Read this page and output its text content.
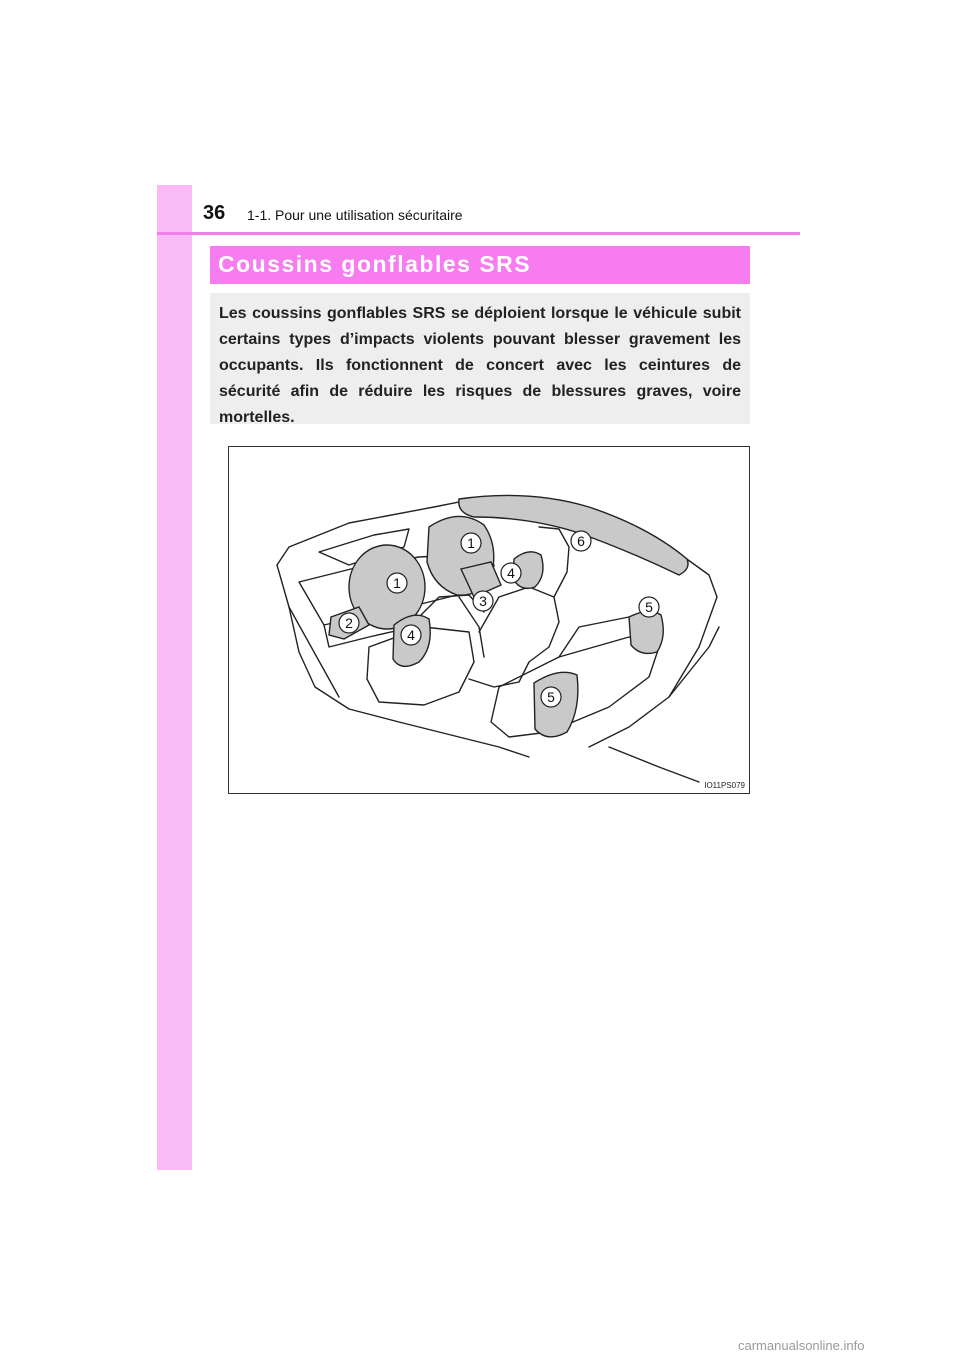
36 1-1. Pour une utilisation sécuritaire
Coussins gonflables SRS

Les coussins gonflables SRS se déploient lorsque le véhicule subit certains types d’impacts violents pouvant blesser gravement les occupants. Ils fonctionnent de concert avec les ceintures de sécurité afin de réduire les risques de blessures graves, voire mortelles.

1
1
2
3
4
4
5
5
6
IO11PS079
carmanualsonline.info
